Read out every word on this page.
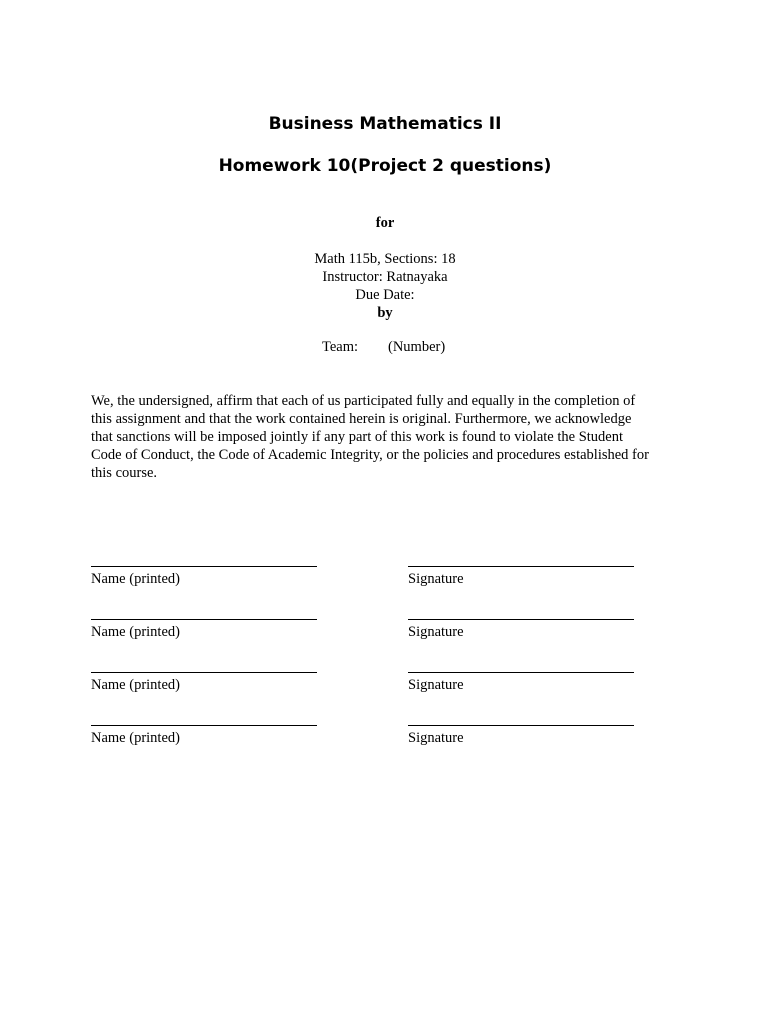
Business Mathematics II
Homework 10(Project 2 questions)
for
Math 115b, Sections: 18
Instructor: Ratnayaka
Due Date:
by
Team: (Number)
We, the undersigned, affirm that each of us participated fully and equally in the completion of
this assignment and that the work contained herein is original. Furthermore, we acknowledge
that sanctions will be imposed jointly if any part of this work is found to violate the Student
Code of Conduct, the Code of Academic Integrity, or the policies and procedures established for
this course.
Name (printed)	Signature
Name (printed)	Signature
Name (printed)	Signature
Name (printed)	Signature
